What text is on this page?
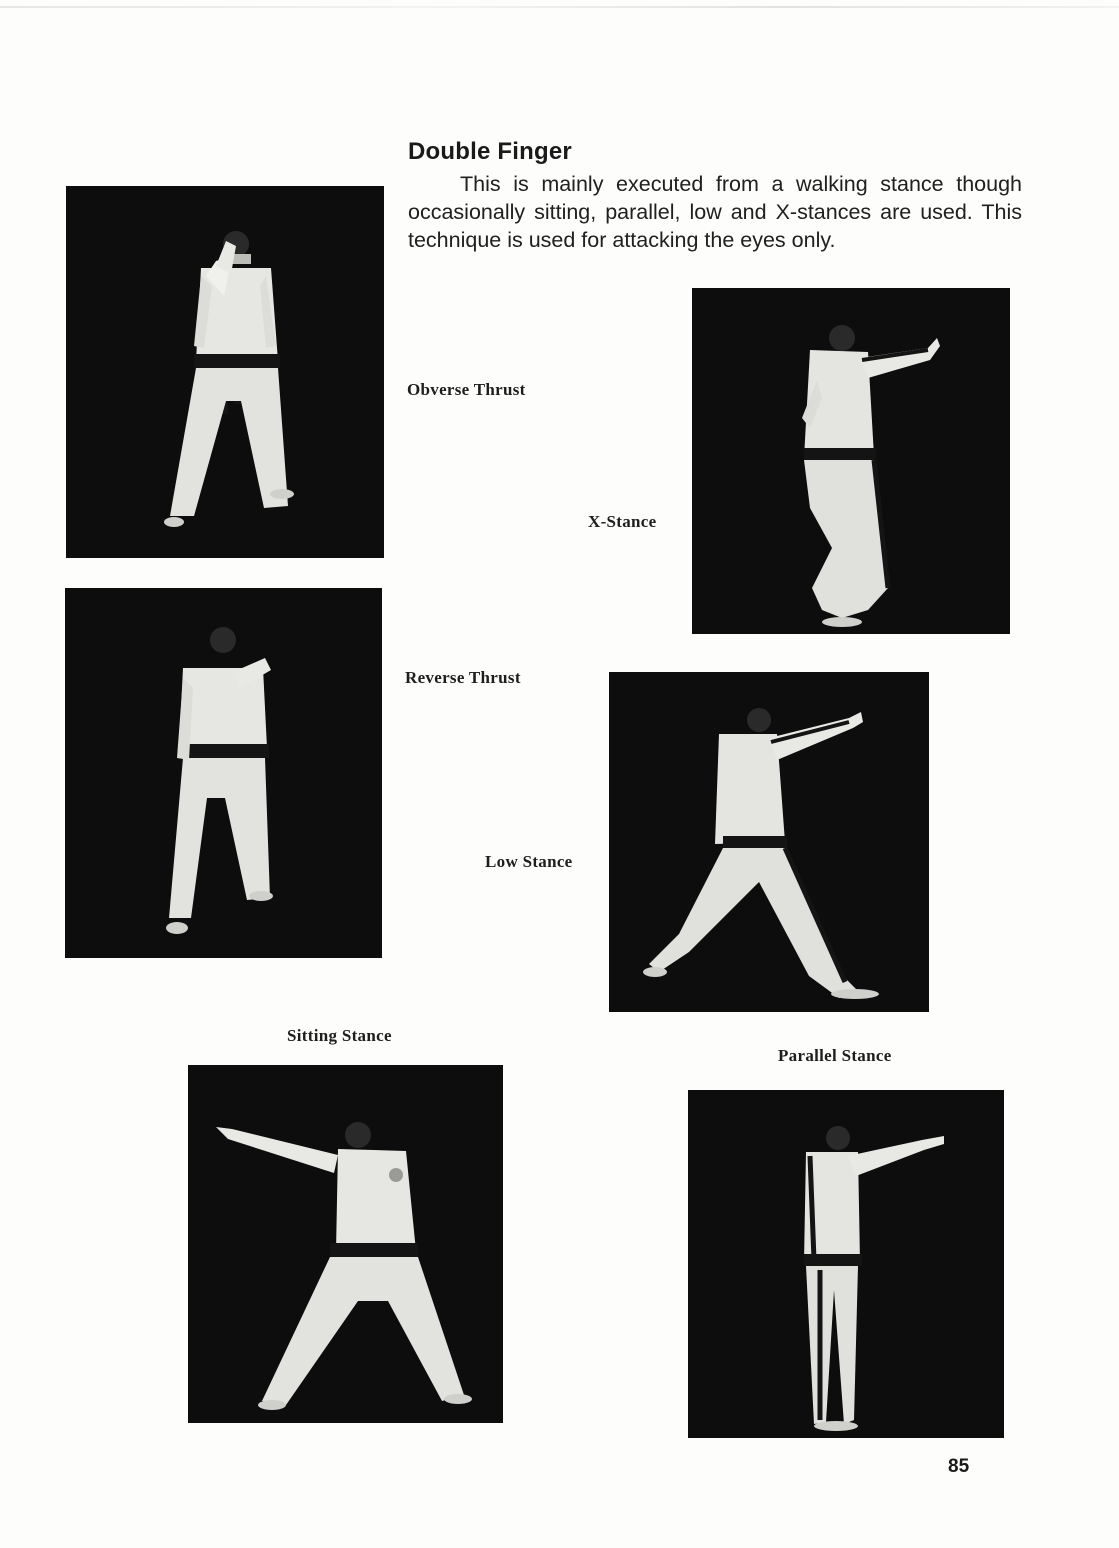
Double Finger
This is mainly executed from a walking stance though occasionally sitting, parallel, low and X-stances are used. This technique is used for attacking the eyes only.
Obverse Thrust
X-Stance
Reverse Thrust
Low Stance
Sitting Stance
Parallel Stance
85
